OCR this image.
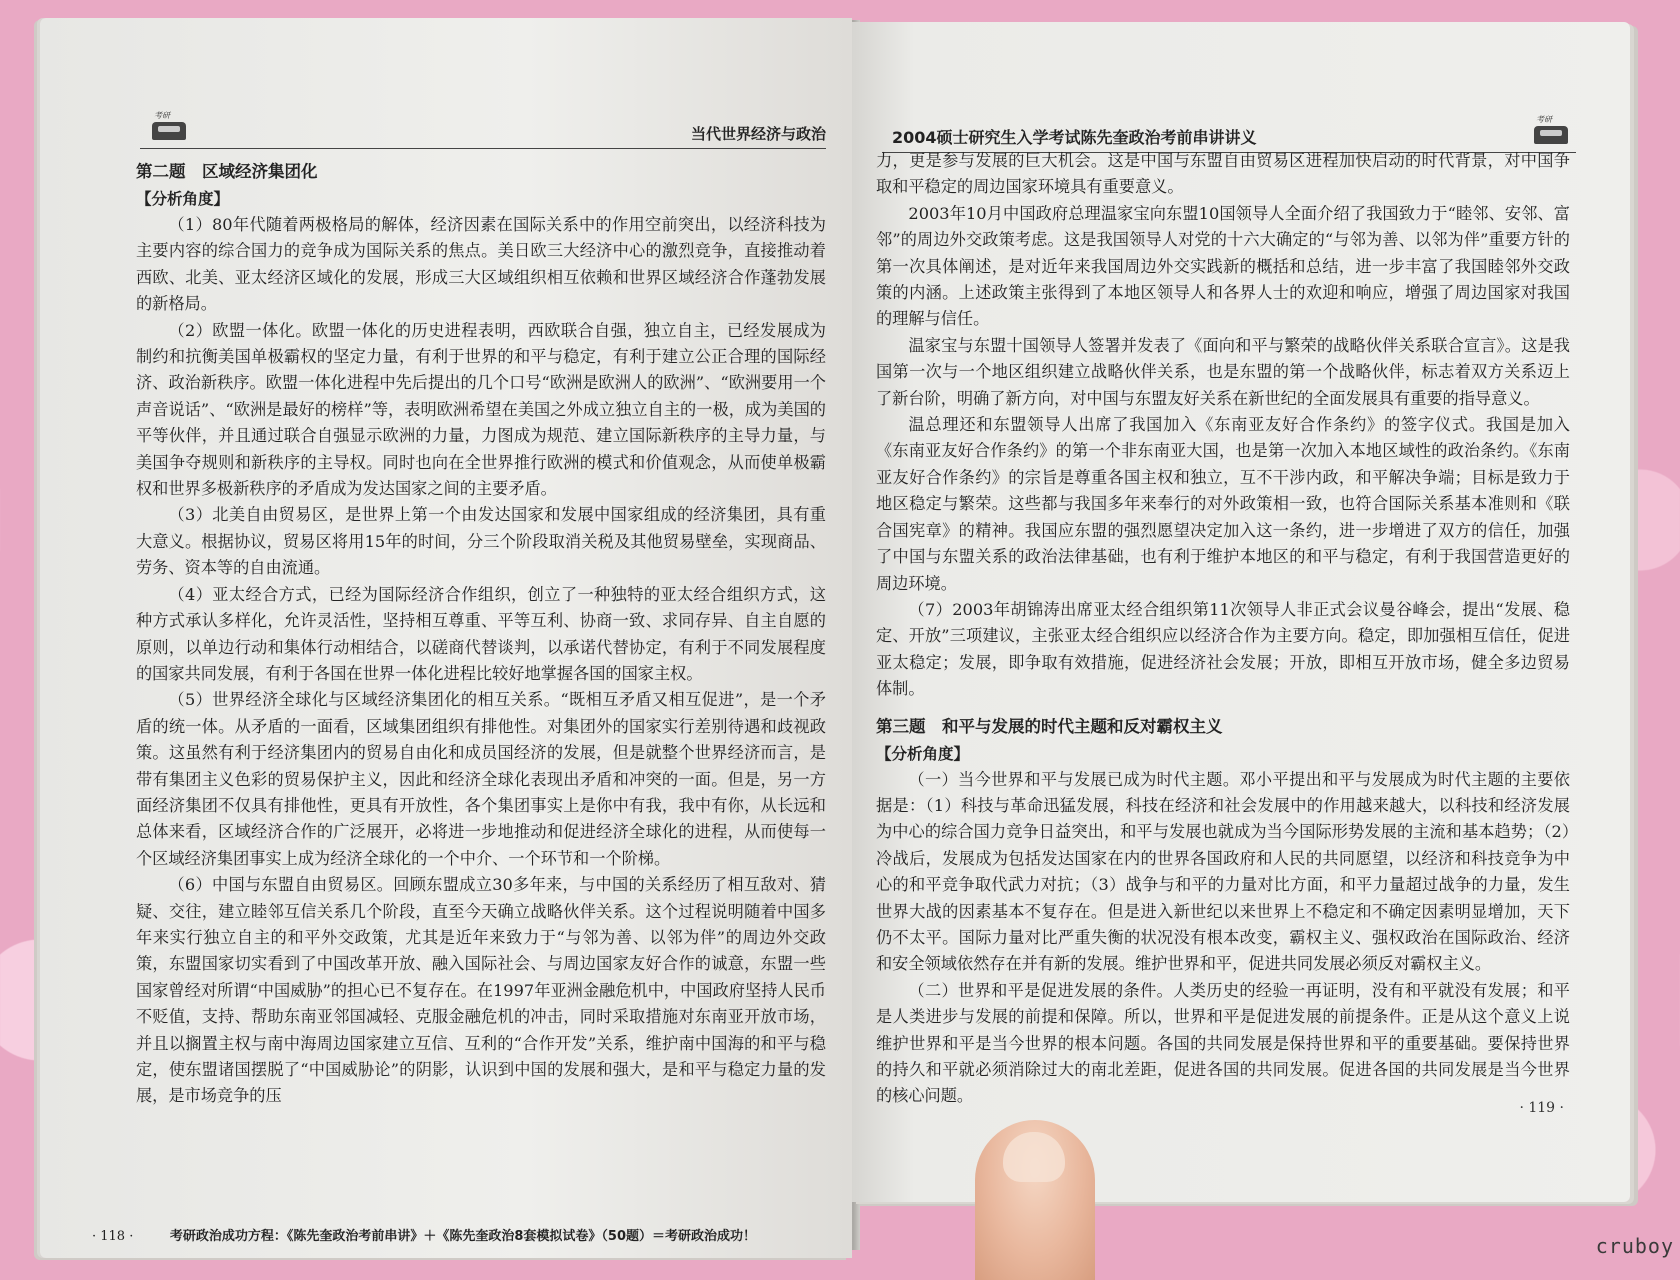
考研
当代世界经济与政治
第二题　区域经济集团化

【分析角度】

（1）80年代随着两极格局的解体，经济因素在国际关系中的作用空前突出，以经济科技为主要内容的综合国力的竞争成为国际关系的焦点。美日欧三大经济中心的激烈竞争，直接推动着西欧、北美、亚太经济区域化的发展，形成三大区域组织相互依赖和世界区域经济合作蓬勃发展的新格局。

（2）欧盟一体化。欧盟一体化的历史进程表明，西欧联合自强，独立自主，已经发展成为制约和抗衡美国单极霸权的坚定力量，有利于世界的和平与稳定，有利于建立公正合理的国际经济、政治新秩序。欧盟一体化进程中先后提出的几个口号“欧洲是欧洲人的欧洲”、“欧洲要用一个声音说话”、“欧洲是最好的榜样”等，表明欧洲希望在美国之外成立独立自主的一极，成为美国的平等伙伴，并且通过联合自强显示欧洲的力量，力图成为规范、建立国际新秩序的主导力量，与美国争夺规则和新秩序的主导权。同时也向在全世界推行欧洲的模式和价值观念，从而使单极霸权和世界多极新秩序的矛盾成为发达国家之间的主要矛盾。

（3）北美自由贸易区，是世界上第一个由发达国家和发展中国家组成的经济集团，具有重大意义。根据协议，贸易区将用15年的时间，分三个阶段取消关税及其他贸易壁垒，实现商品、劳务、资本等的自由流通。

（4）亚太经合方式，已经为国际经济合作组织，创立了一种独特的亚太经合组织方式，这种方式承认多样化，允许灵活性，坚持相互尊重、平等互利、协商一致、求同存异、自主自愿的原则，以单边行动和集体行动相结合，以磋商代替谈判，以承诺代替协定，有利于不同发展程度的国家共同发展，有利于各国在世界一体化进程比较好地掌握各国的国家主权。

（5）世界经济全球化与区域经济集团化的相互关系。“既相互矛盾又相互促进”，是一个矛盾的统一体。从矛盾的一面看，区域集团组织有排他性。对集团外的国家实行差别待遇和歧视政策。这虽然有利于经济集团内的贸易自由化和成员国经济的发展，但是就整个世界经济而言，是带有集团主义色彩的贸易保护主义，因此和经济全球化表现出矛盾和冲突的一面。但是，另一方面经济集团不仅具有排他性，更具有开放性，各个集团事实上是你中有我，我中有你，从长远和总体来看，区域经济合作的广泛展开，必将进一步地推动和促进经济全球化的进程，从而使每一个区域经济集团事实上成为经济全球化的一个中介、一个环节和一个阶梯。

（6）中国与东盟自由贸易区。回顾东盟成立30多年来，与中国的关系经历了相互敌对、猜疑、交往，建立睦邻互信关系几个阶段，直至今天确立战略伙伴关系。这个过程说明随着中国多年来实行独立自主的和平外交政策，尤其是近年来致力于“与邻为善、以邻为伴”的周边外交政策，东盟国家切实看到了中国改革开放、融入国际社会、与周边国家友好合作的诚意，东盟一些国家曾经对所谓“中国威胁”的担心已不复存在。在1997年亚洲金融危机中，中国政府坚持人民币不贬值，支持、帮助东南亚邻国减轻、克服金融危机的冲击，同时采取措施对东南亚开放市场，并且以搁置主权与南中海周边国家建立互信、互利的“合作开发”关系，维护南中国海的和平与稳定，使东盟诸国摆脱了“中国威胁论”的阴影，认识到中国的发展和强大，是和平与稳定力量的发展，是市场竞争的压

· 118 ·	考研政治成功方程：《陈先奎政治考前串讲》＋《陈先奎政治8套模拟试卷》（50题）＝考研政治成功！
2004硕士研究生入学考试陈先奎政治考前串讲讲义
考研

力，更是参与发展的巨大机会。这是中国与东盟自由贸易区进程加快启动的时代背景，对中国争取和平稳定的周边国家环境具有重要意义。

2003年10月中国政府总理温家宝向东盟10国领导人全面介绍了我国致力于“睦邻、安邻、富邻”的周边外交政策考虑。这是我国领导人对党的十六大确定的“与邻为善、以邻为伴”重要方针的第一次具体阐述，是对近年来我国周边外交实践新的概括和总结，进一步丰富了我国睦邻外交政策的内涵。上述政策主张得到了本地区领导人和各界人士的欢迎和响应，增强了周边国家对我国的理解与信任。

温家宝与东盟十国领导人签署并发表了《面向和平与繁荣的战略伙伴关系联合宣言》。这是我国第一次与一个地区组织建立战略伙伴关系，也是东盟的第一个战略伙伴，标志着双方关系迈上了新台阶，明确了新方向，对中国与东盟友好关系在新世纪的全面发展具有重要的指导意义。

温总理还和东盟领导人出席了我国加入《东南亚友好合作条约》的签字仪式。我国是加入《东南亚友好合作条约》的第一个非东南亚大国，也是第一次加入本地区域性的政治条约。《东南亚友好合作条约》的宗旨是尊重各国主权和独立，互不干涉内政，和平解决争端；目标是致力于地区稳定与繁荣。这些都与我国多年来奉行的对外政策相一致，也符合国际关系基本准则和《联合国宪章》的精神。我国应东盟的强烈愿望决定加入这一条约，进一步增进了双方的信任，加强了中国与东盟关系的政治法律基础，也有利于维护本地区的和平与稳定，有利于我国营造更好的周边环境。

（7）2003年胡锦涛出席亚太经合组织第11次领导人非正式会议曼谷峰会，提出“发展、稳定、开放”三项建议，主张亚太经合组织应以经济合作为主要方向。稳定，即加强相互信任，促进亚太稳定；发展，即争取有效措施，促进经济社会发展；开放，即相互开放市场，健全多边贸易体制。

第三题　和平与发展的时代主题和反对霸权主义

【分析角度】

（一）当今世界和平与发展已成为时代主题。邓小平提出和平与发展成为时代主题的主要依据是：（1）科技与革命迅猛发展，科技在经济和社会发展中的作用越来越大，以科技和经济发展为中心的综合国力竞争日益突出，和平与发展也就成为当今国际形势发展的主流和基本趋势；（2）冷战后，发展成为包括发达国家在内的世界各国政府和人民的共同愿望，以经济和科技竞争为中心的和平竞争取代武力对抗；（3）战争与和平的力量对比方面，和平力量超过战争的力量，发生世界大战的因素基本不复存在。但是进入新世纪以来世界上不稳定和不确定因素明显增加，天下仍不太平。国际力量对比严重失衡的状况没有根本改变，霸权主义、强权政治在国际政治、经济和安全领域依然存在并有新的发展。维护世界和平，促进共同发展必须反对霸权主义。

（二）世界和平是促进发展的条件。人类历史的经验一再证明，没有和平就没有发展；和平是人类进步与发展的前提和保障。所以，世界和平是促进发展的前提条件。正是从这个意义上说维护世界和平是当今世界的根本问题。各国的共同发展是保持世界和平的重要基础。要保持世界的持久和平就必须消除过大的南北差距，促进各国的共同发展。促进各国的共同发展是当今世界的核心问题。

· 119 ·
cruboy
